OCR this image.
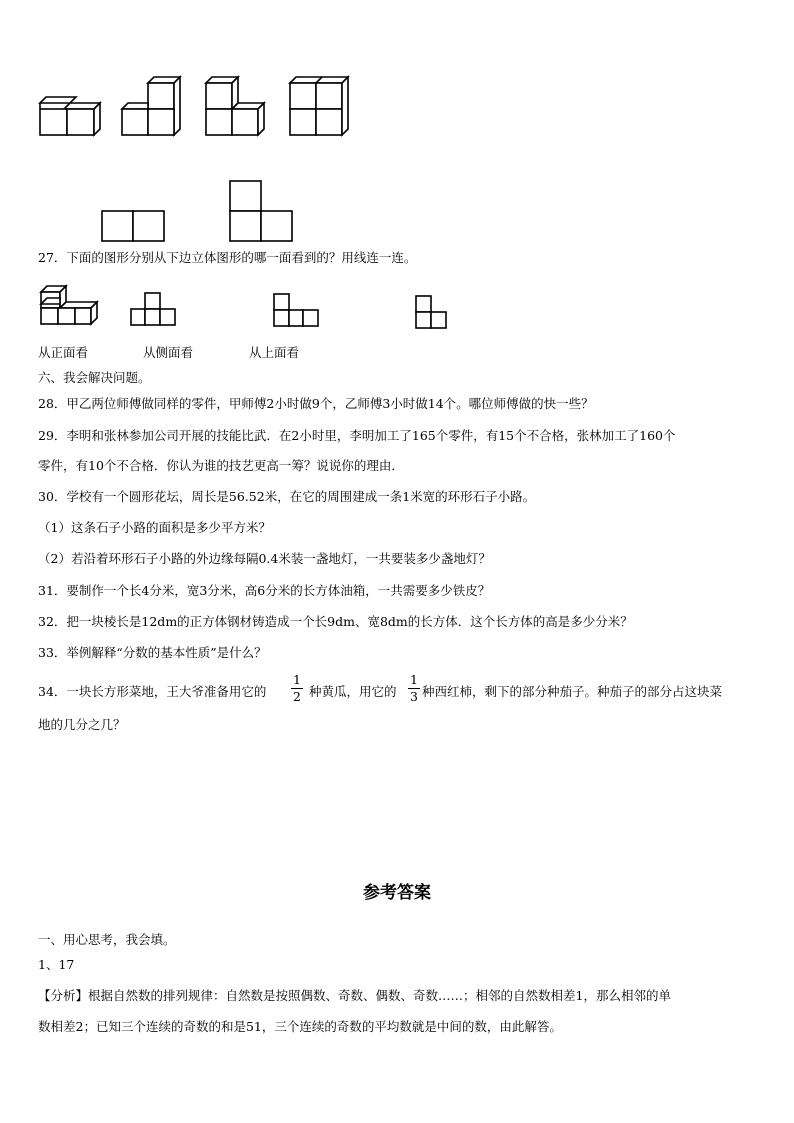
27．下面的图形分别从下边立体图形的哪一面看到的？用线连一连。
从正面看	从侧面看	从上面看
六、我会解决问题。
28．甲乙两位师傅做同样的零件，甲师傅2小时做9个，乙师傅3小时做14个。哪位师傅做的快一些？
29．李明和张林参加公司开展的技能比武．在2小时里，李明加工了165个零件，有15个不合格，张林加工了160个
零件，有10个不合格．你认为谁的技艺更高一筹？说说你的理由．
30．学校有一个圆形花坛，周长是56.52米，在它的周围建成一条1米宽的环形石子小路。
（1）这条石子小路的面积是多少平方米？
（2）若沿着环形石子小路的外边缘每隔0.4米装一盏地灯，一共要装多少盏地灯？
31．要制作一个长4分米，宽3分米，高6分米的长方体油箱，一共需要多少铁皮？
32．把一块棱长是12dm的正方体钢材铸造成一个长9dm、宽8dm的长方体．这个长方体的高是多少分米？
33．举例解释“分数的基本性质”是什么？
34．一块长方形菜地，王大爷准备用它的
1
2 种黄瓜，用它的
1
3 种西红柿，剩下的部分种茄子。种茄子的部分占这块菜
地的几分之几？
参考答案
一、用心思考，我会填。
1、17
【分析】根据自然数的排列规律：自然数是按照偶数、奇数、偶数、奇数……；相邻的自然数相差1，那么相邻的单
数相差2；已知三个连续的奇数的和是51，三个连续的奇数的平均数就是中间的数，由此解答。
